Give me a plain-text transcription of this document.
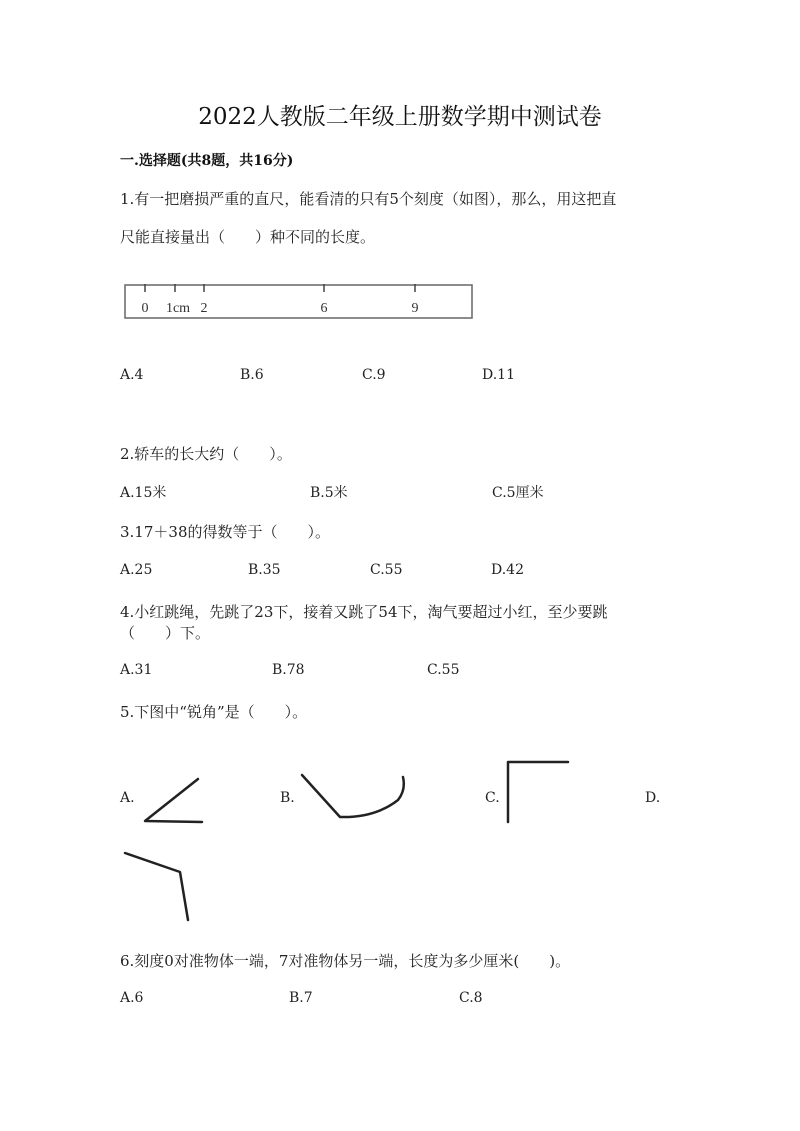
2022人教版二年级上册数学期中测试卷
一.选择题(共8题，共16分)
1.有一把磨损严重的直尺，能看清的只有5个刻度（如图），那么，用这把直
尺能直接量出（　　）种不同的长度。
0 1cm 2	6	9
A.4	B.6	C.9	D.11
2.轿车的长大约（　　）。
A.15米	B.5米	C.5厘米
3.17＋38的得数等于（　　）。
A.25	B.35	C.55	D.42
4.小红跳绳，先跳了23下，接着又跳了54下，淘气要超过小红，至少要跳
（　　）下。
A.31	B.78	C.55
5.下图中“锐角”是（　　）。
A.	B.	C.	D.
6.刻度0对准物体一端，7对准物体另一端，长度为多少厘米(　　)。
A.6	B.7	C.8
